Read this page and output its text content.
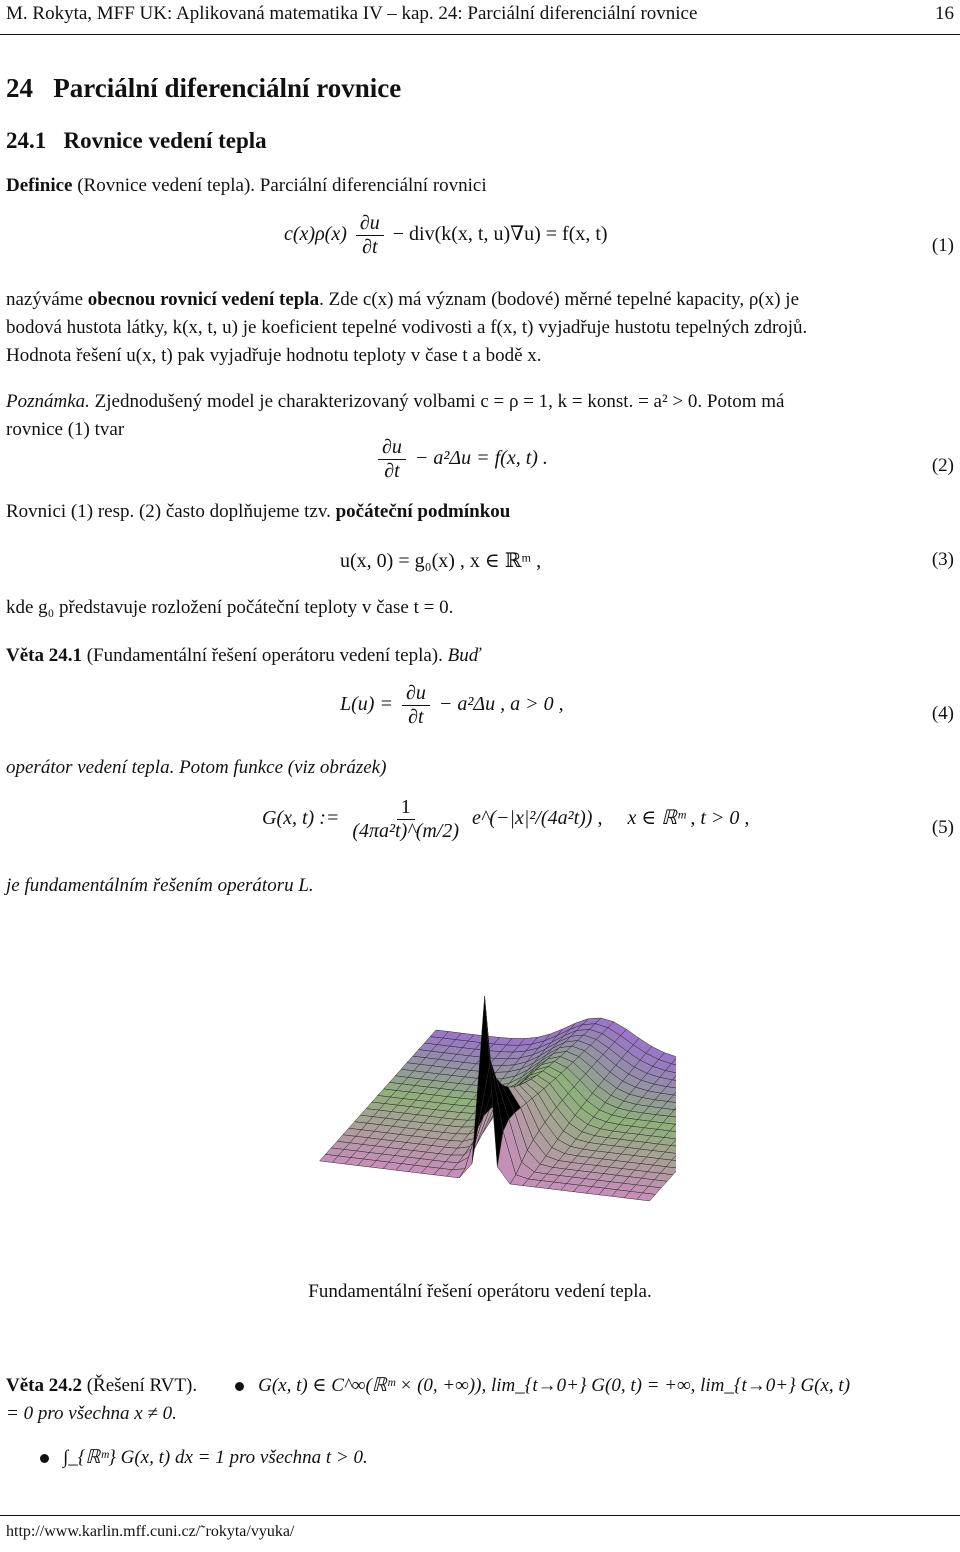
M. Rokyta, MFF UK: Aplikovaná matematika IV – kap. 24: Parciální diferenciální rovnice	16
24 Parciální diferenciální rovnice
24.1 Rovnice vedení tepla
Definice (Rovnice vedení tepla). Parciální diferenciální rovnici
$c(x)\rho(x) \frac{\partial u}{\partial t} - div(k(x$, t, u)∇u) = f(x, t)
(1)
nazýváme obecnou rovnicí vedení tepla. Zde c(x) má význam (bodové) měrné tepelné kapacity, ρ(x) je
bodová hustota látky, k(x, t, u) je koeficient tepelné vodivosti a f(x, t) vyjadřuje hustotu tepelných zdrojů.
Hodnota řešení u(x, t) pak vyjadřuje hodnotu teploty v čase t a bodě x.
Poznámka. Zjednodušený model je charakterizovaný volbami c = ρ = 1, k = konst. = a² > 0. Potom má
rovnice (1) tvar
$\frac{\partial u}{\partial t} - a^2\Delta u = f(x$, t) .	(2)
Rovnici (1) resp. (2) často doplňujeme tzv. počáteční podmínkou
u(x, 0) = g₀(x) , x ∈ ℝᵐ ,	(3)
kde g₀ představuje rozložení počáteční teploty v čase t = 0.
Věta 24.1 (Fundamentální řešení operátoru vedení tepla). Buď
$L(u) = \frac{\partial u}{\partial t} - a^2\Delta u$ , a > 0 ,	(4)
operátor vedení tepla. Potom funkce (viz obrázek)
G(x, t) := $\frac{1}{\text{(4πa²t)\textasciicircum{}(m/2)}}$ e^(−|x|²/(4a²t)) , x ∈ ℝᵐ , t > 0 ,	(5)
je fundamentálním řešením operátoru L.
Fundamentální řešení operátoru vedení tepla.
Věta 24.2 (Řešení RVT).	G(x, t) ∈ C^∞(ℝᵐ × (0, +∞)), lim_{t→0+} G(0, t) = +∞, lim_{t→0+} G(x, t)
= 0 pro všechna x ≠ 0.
∫_{ℝᵐ} G(x, t) dx = 1 pro všechna t > 0.
http://www.karlin.mff.cuni.cz/˜rokyta/vyuka/
